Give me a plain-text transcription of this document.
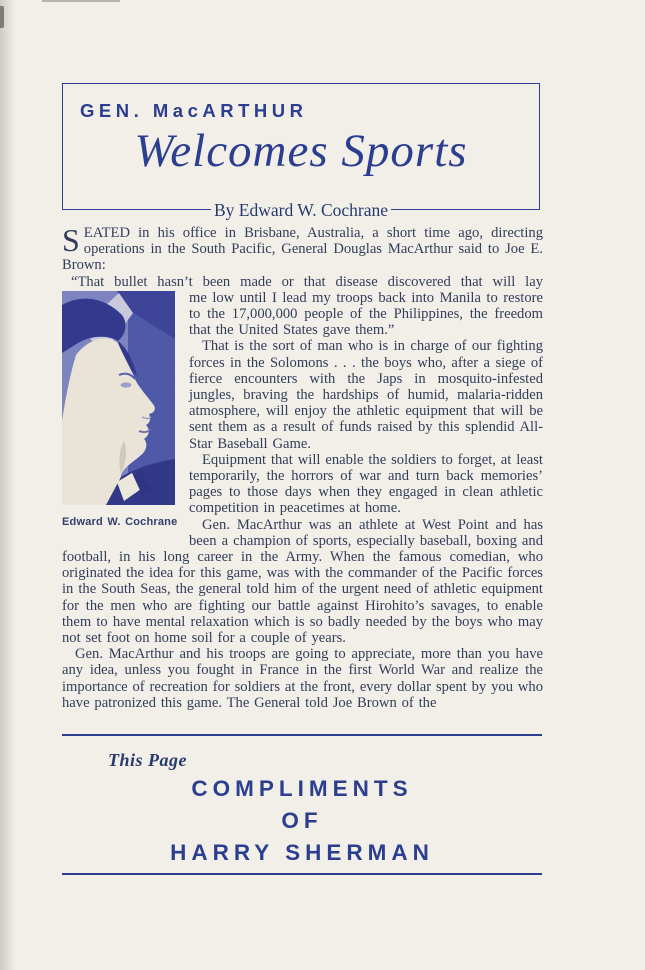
GEN. MacARTHUR
Welcomes Sports
By Edward W. Cochrane

SEATED in his office in Brisbane, Australia, a short time ago, directing operations in the South Pacific, General Douglas MacArthur said to Joe E. Brown:

“That bullet hasn’t been made or that disease discovered that will lay

Edward W. Cochrane

me low until I lead my troops back into Manila to restore to the 17,000,000 people of the Philippines, the freedom that the United States gave them.”

That is the sort of man who is in charge of our fighting forces in the Solomons . . . the boys who, after a siege of fierce encounters with the Japs in mosquito-infested jungles, braving the hardships of humid, malaria-ridden atmosphere, will enjoy the athletic equipment that will be sent them as a result of funds raised by this splendid All-Star Baseball Game.

Equipment that will enable the soldiers to forget, at least temporarily, the horrors of war and turn back memories’ pages to those days when they engaged in clean athletic competition in peacetimes at home.

Gen. MacArthur was an athlete at West Point and has been a champion of sports, especially baseball, boxing and football, in his long career in the Army. When the famous comedian, who originated the idea for this game, was with the commander of the Pacific forces in the South Seas, the general told him of the urgent need of athletic equipment for the men who are fighting our battle against Hirohito’s savages, to enable them to have mental relaxation which is so badly needed by the boys who may not set foot on home soil for a couple of years.

Gen. MacArthur and his troops are going to appreciate, more than you have any idea, unless you fought in France in the first World War and realize the importance of recreation for soldiers at the front, every dollar spent by you who have patronized this game. The General told Joe Brown of the

This Page
COMPLIMENTS
OF
HARRY SHERMAN
